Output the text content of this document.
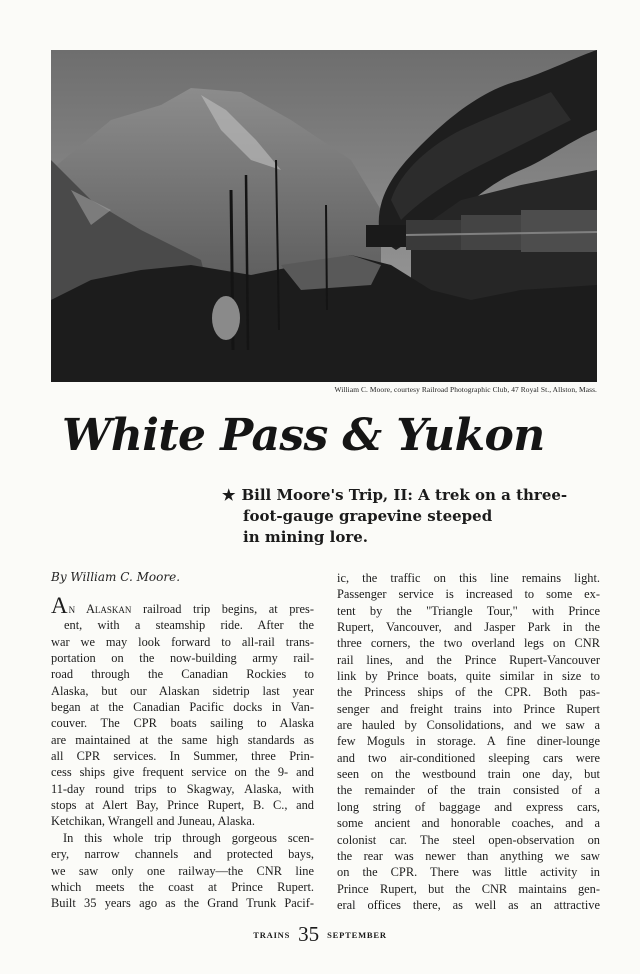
William C. Moore, courtesy Railroad Photographic Club, 47 Royal St., Allston, Mass.
White Pass & Yukon
★ Bill Moore's Trip, II: A trek on a three-
foot-gauge grapevine steeped
in mining lore.

By William C. Moore.

An Alaskan railroad trip begins, at pres-
ent, with a steamship ride. After the
war we may look forward to all-rail trans-
portation on the now-building army rail-
road through the Canadian Rockies to
Alaska, but our Alaskan sidetrip last year
began at the Canadian Pacific docks in Van-
couver. The CPR boats sailing to Alaska
are maintained at the same high standards as
all CPR services. In Summer, three Prin-
cess ships give frequent service on the 9- and
11-day round trips to Skagway, Alaska, with
stops at Alert Bay, Prince Rupert, B. C., and
Ketchikan, Wrangell and Juneau, Alaska.
In this whole trip through gorgeous scen-
ery, narrow channels and protected bays,
we saw only one railway—the CNR line
which meets the coast at Prince Rupert.
Built 35 years ago as the Grand Trunk Pacif-
ic, the traffic on this line remains light.
Passenger service is increased to some ex-
tent by the "Triangle Tour," with Prince
Rupert, Vancouver, and Jasper Park in the
three corners, the two overland legs on CNR
rail lines, and the Prince Rupert-Vancouver
link by Prince boats, quite similar in size to
the Princess ships of the CPR. Both pas-
senger and freight trains into Prince Rupert
are hauled by Consolidations, and we saw a
few Moguls in storage. A fine diner-lounge
and two air-conditioned sleeping cars were
seen on the westbound train one day, but
the remainder of the train consisted of a
long string of baggage and express cars,
some ancient and honorable coaches, and a
colonist car. The steel open-observation on
the rear was newer than anything we saw
on the CPR. There was little activity in
Prince Rupert, but the CNR maintains gen-
eral offices there, as well as an attractive
TRAINS 35 SEPTEMBER
